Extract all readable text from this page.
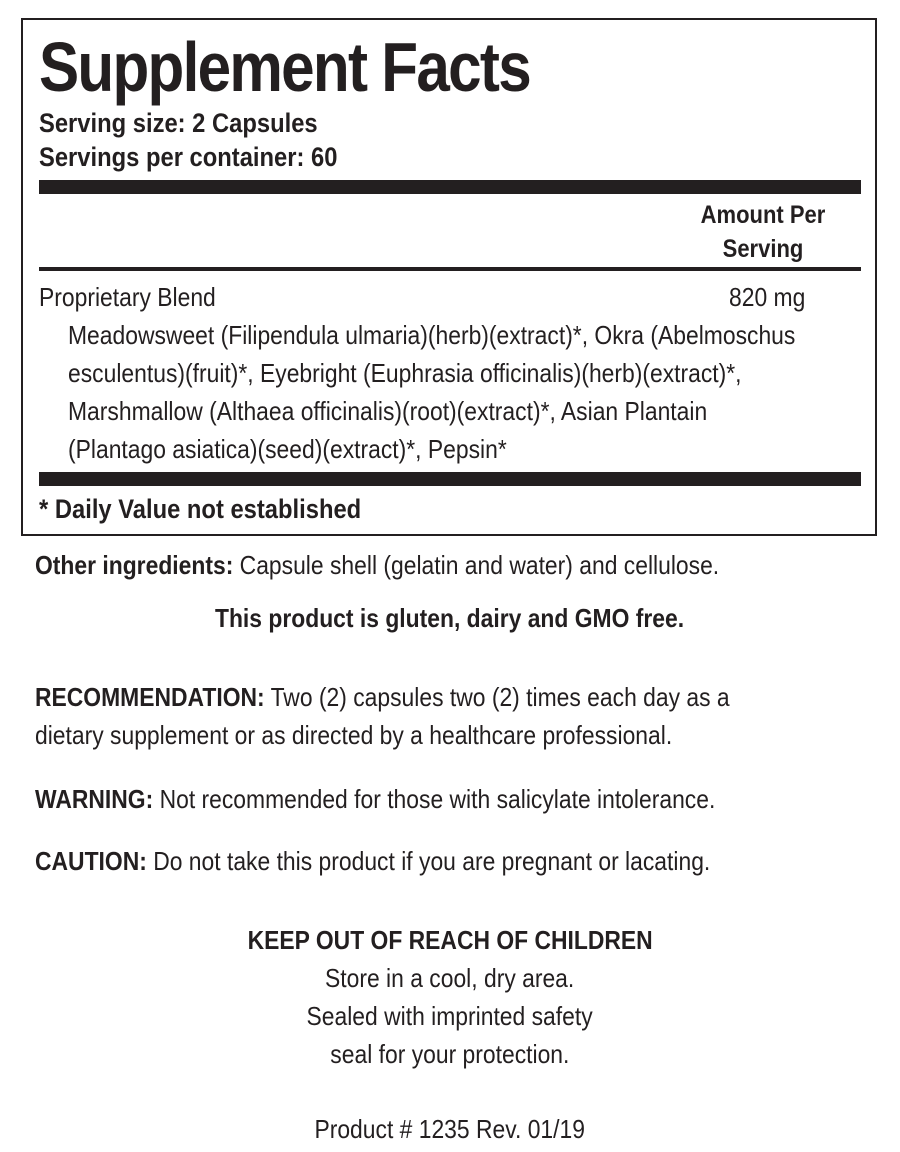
Supplement Facts
Serving size: 2 Capsules
Servings per container: 60
Amount Per
Serving
Proprietary Blend	820 mg
Meadowsweet (Filipendula ulmaria)(herb)(extract)*, Okra (Abelmoschus
esculentus)(fruit)*, Eyebright (Euphrasia officinalis)(herb)(extract)*,
Marshmallow (Althaea officinalis)(root)(extract)*, Asian Plantain
(Plantago asiatica)(seed)(extract)*, Pepsin*
* Daily Value not established
Other ingredients: Capsule shell (gelatin and water) and cellulose.
This product is gluten, dairy and GMO free.
RECOMMENDATION: Two (2) capsules two (2) times each day as a
dietary supplement or as directed by a healthcare professional.
WARNING: Not recommended for those with salicylate intolerance.
CAUTION: Do not take this product if you are pregnant or lacating.
KEEP OUT OF REACH OF CHILDREN
Store in a cool, dry area.
Sealed with imprinted safety
seal for your protection.
Product # 1235 Rev. 01/19
